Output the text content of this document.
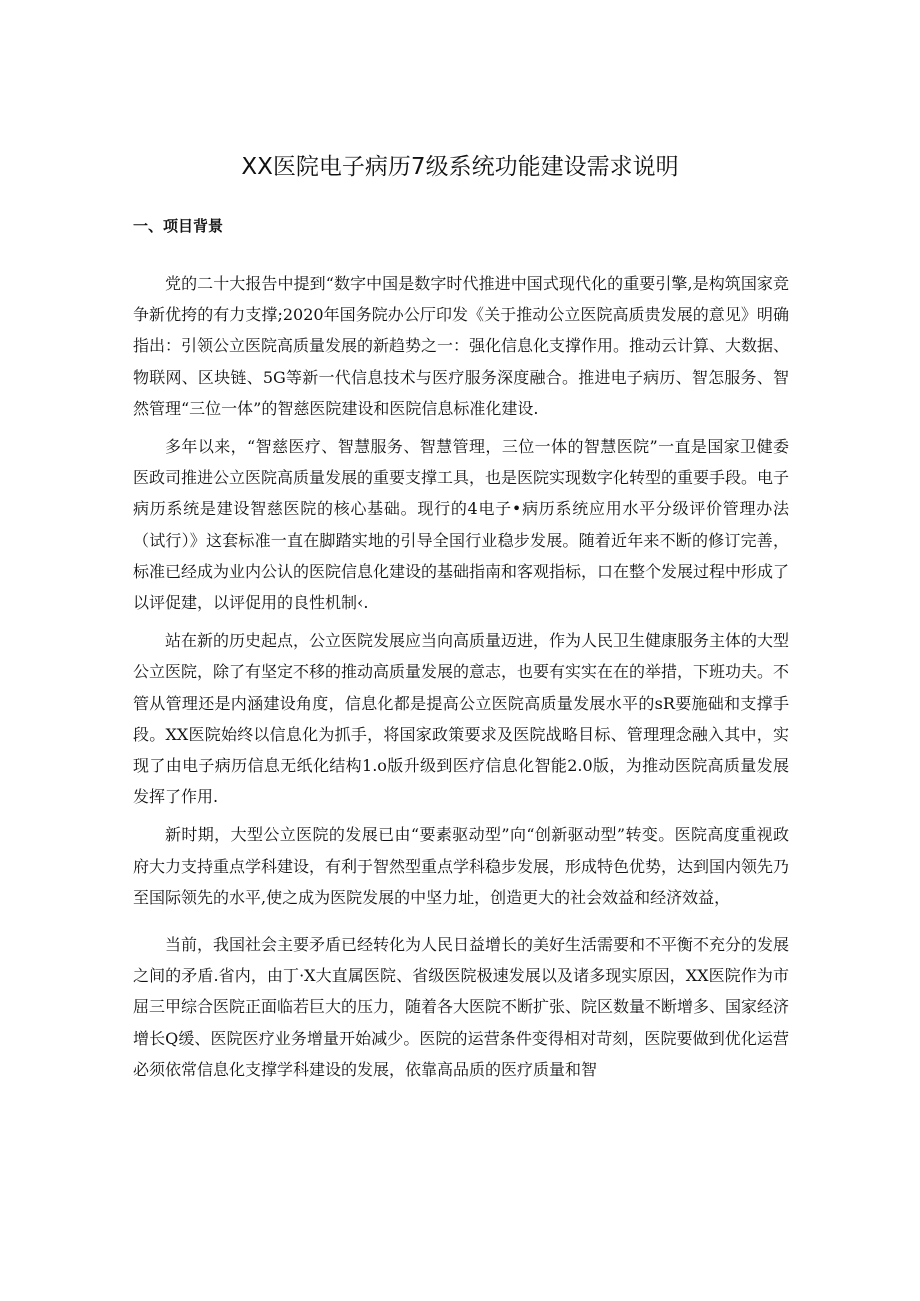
XX医院电子病历7级系统功能建设需求说明
一、项目背景

党的二十大报告中提到“数字中国是数字时代推进中国式现代化的重要引擎,是构筑国家竞争新优挎的有力支撑;2020年国务院办公厅印发《关于推动公立医院高质贵发展的意见》明确指出：引领公立医院高质量发展的新趋势之一：强化信息化支撑作用。推动云计算、大数据、物联网、区块链、5G等新一代信息技术与医疗服务深度融合。推进电子病历、智怎服务、智然管理“三位一体”的智慈医院建设和医院信息标准化建设.

多年以来，“智慈医疗、智慧服务、智慧管理，三位一体的智慧医院”一直是国家卫健委医政司推进公立医院高质量发展的重要支撑工具，也是医院实现数字化转型的重要手段。电子病历系统是建设智慈医院的核心基础。现行的4电子•病历系统应用水平分级评价管理办法（试行）》这套标准一直在脚踏实地的引导全国行业稳步发展。随着近年来不断的修订完善，标准已经成为业内公认的医院信息化建设的基础指南和客观指标，口在整个发展过程中形成了以评促建，以评促用的良性机制‹.

站在新的历史起点，公立医院发展应当向高质量迈进，作为人民卫生健康服务主体的大型公立医院，除了有坚定不移的推动高质量发展的意志，也要有实实在在的举措，下班功夫。不管从管理还是内涵建设角度，信息化都是提高公立医院高质量发展水平的sR要施础和支撑手段。XX医院始终以信息化为抓手，将国家政策要求及医院战略目标、管理理念融入其中，实现了由电子病历信息无纸化结构1.o版升级到医疗信息化智能2.0版，为推动医院高质量发展发挥了作用.

新时期，大型公立医院的发展已由“要素驱动型”向“创新驱动型”转变。医院高度重视政府大力支持重点学科建设，有利于智然型重点学科稳步发展，形成特色优势，达到国内领先乃至国际领先的水平,使之成为医院发展的中坚力址，创造更大的社会效益和经济效益，

当前，我国社会主要矛盾已经转化为人民日益增长的美好生活需要和不平衡不充分的发展之间的矛盾.省内，由丁·X大直属医院、省级医院极速发展以及诸多现实原因，XX医院作为市屈三甲综合医院正面临若巨大的压力，随着各大医院不断扩张、院区数量不断增多、国家经济增长Q缓、医院医疗业务增量开始减少。医院的运营条件变得相对苛刻，医院要做到优化运营必须依常信息化支撑学科建设的发展，依靠高品质的医疗质量和智
